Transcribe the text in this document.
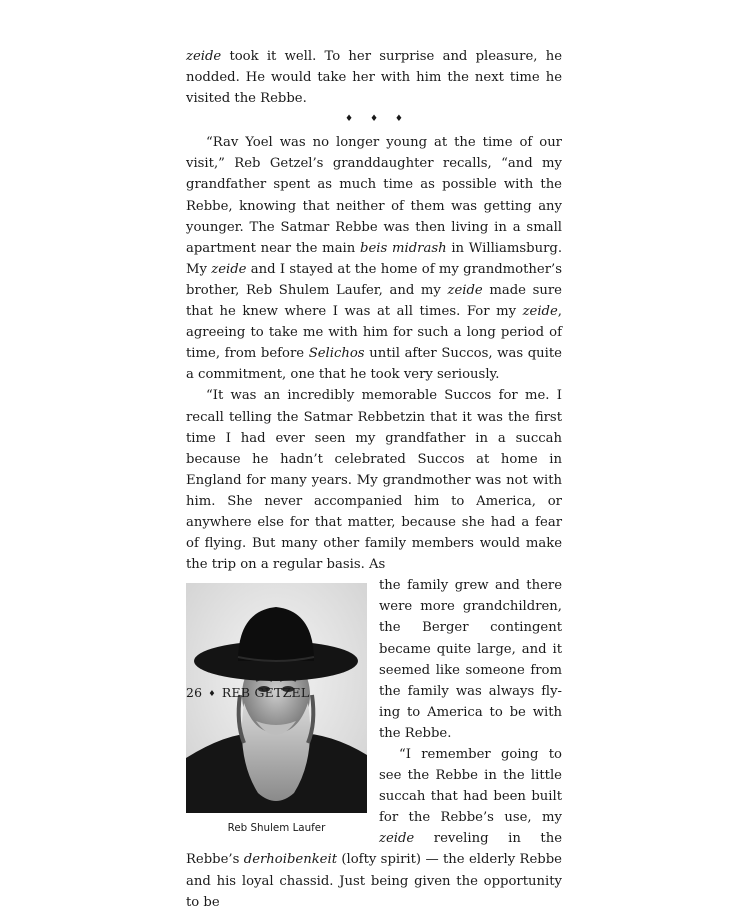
zeide took it well. To her surprise and pleasure, he nodded. He would take her with him the next time he visited the Rebbe.

♦ ♦ ♦

“Rav Yoel was no longer young at the time of our visit,” Reb Getzel’s granddaughter recalls, “and my grandfather spent as much time as possible with the Rebbe, knowing that neither of them was getting any younger. The Satmar Rebbe was then living in a small apartment near the main beis midrash in Williamsburg. My zeide and I stayed at the home of my grandmother’s brother, Reb Shulem Laufer, and my zeide made sure that he knew where I was at all times. For my zeide, agreeing to take me with him for such a long period of time, from before Selichos until after Succos, was quite a commitment, one that he took very seriously.

“It was an incredibly memorable Succos for me. I recall telling the Satmar Rebbetzin that it was the first time I had ever seen my grandfather in a succah because he hadn’t celebrated Succos at home in England for many years. My grandmother was not with him. She never accompanied him to America, or anywhere else for that matter, because she had a fear of flying. But many other family members would make the trip on a regular basis. As

Reb Shulem Laufer

the family grew and there were more grandchildren, the Berger contingent became quite large, and it seemed like someone from the family was always flying to America to be with the Rebbe.

“I remember going to see the Rebbe in the little succah that had been built for the Rebbe’s use, my zeide reveling in the Rebbe’s derhoibenkeit (lofty spirit) — the elderly Rebbe and his loyal chassid. Just being given the opportunity to be

26 ♦ REB GETZEL
